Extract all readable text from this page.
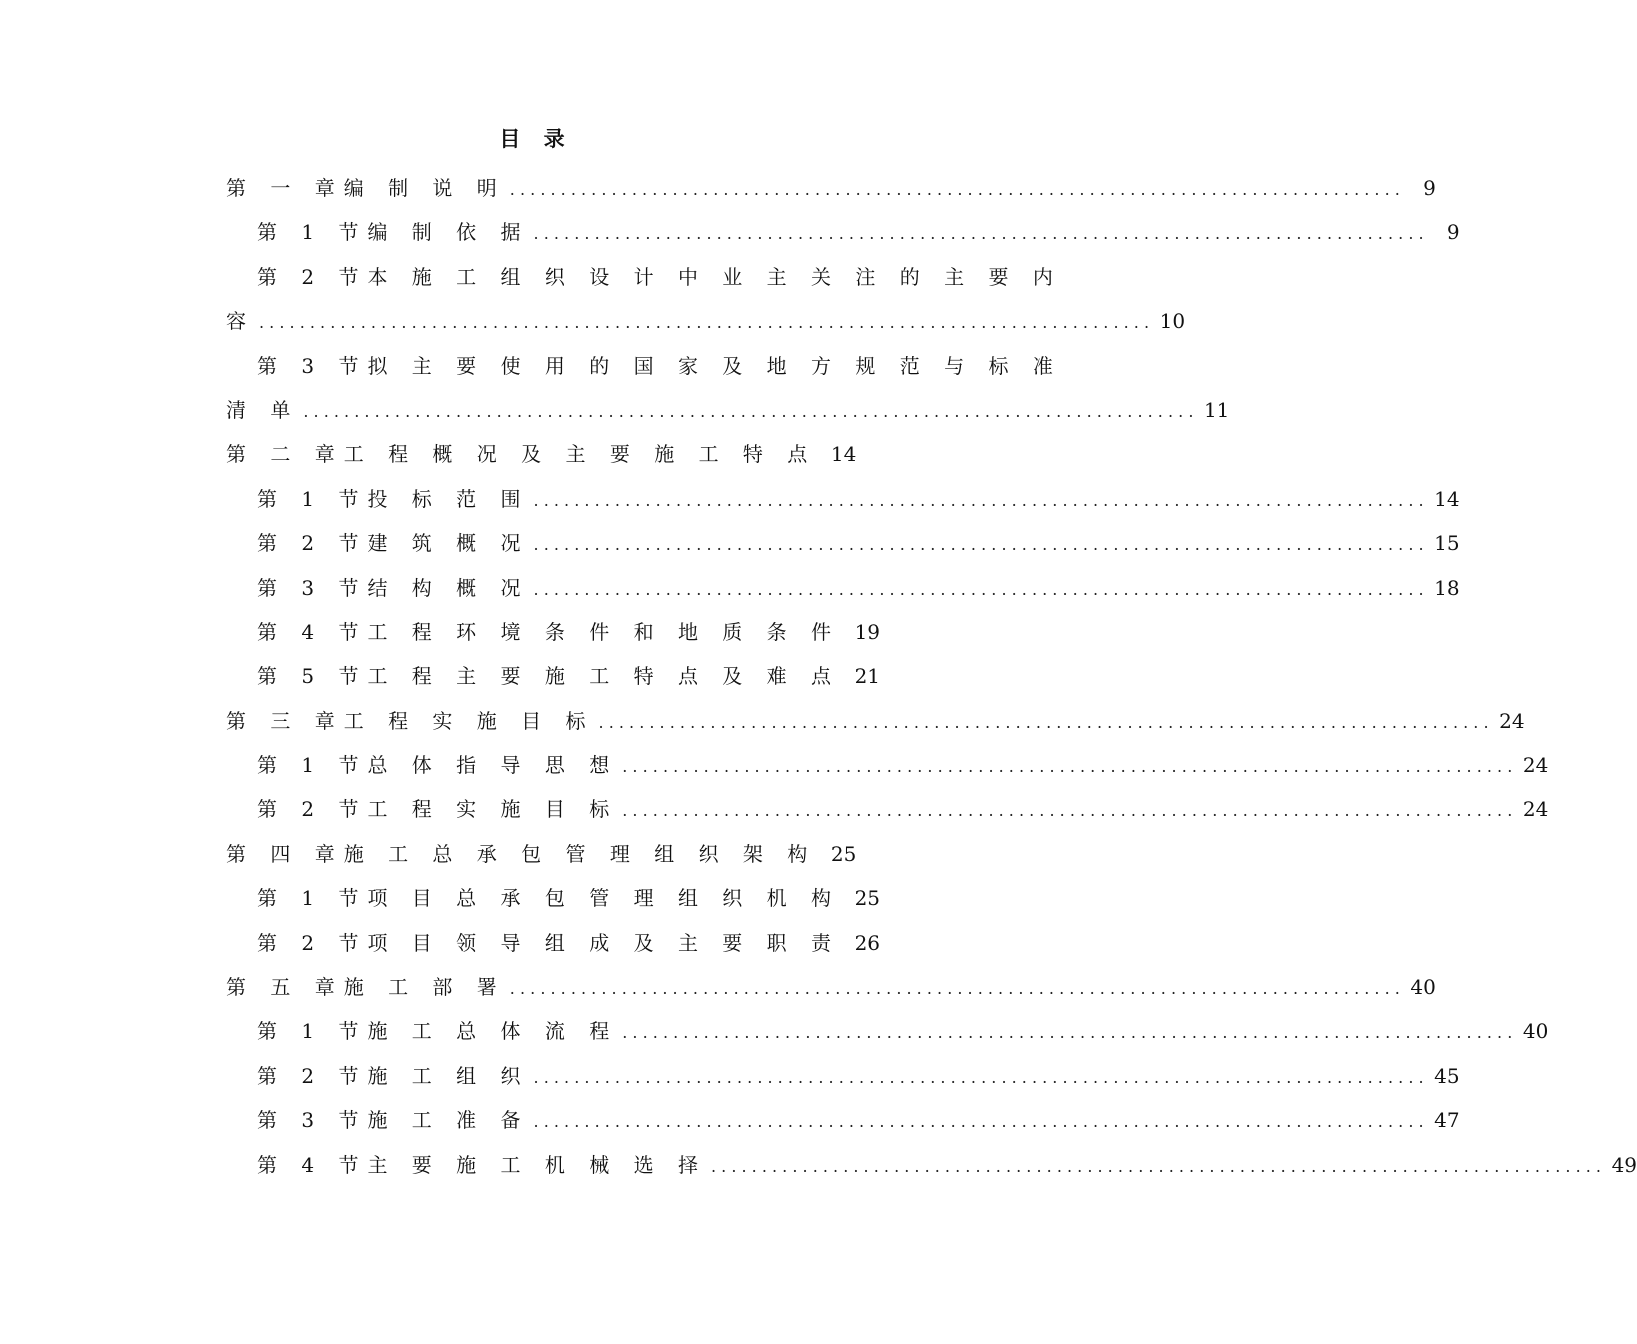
目 录
第 一 章编 制 说 明 . . .	9
第 1 节编 制 依 据 . . .	9
第 2 节本 施 工 组 织 设 计 中 业 主 关 注 的 主 要 内
容 . . .	10
第 3 节拟 主 要 使 用 的 国 家 及 地 方 规 范 与 标 准
清 单 . . .	11
第 二 章工 程 概 况 及 主 要 施 工 特 点 14
第 1 节投 标 范 围 . . .	14
第 2 节建 筑 概 况 . . .	15
第 3 节结 构 概 况 . . .	18
第 4 节工 程 环 境 条 件 和 地 质 条 件 19
第 5 节工 程 主 要 施 工 特 点 及 难 点 21
第 三 章工 程 实 施 目 标 . . .	24
第 1 节总 体 指 导 思 想 . . .	24
第 2 节工 程 实 施 目 标 . . .	24
第 四 章施 工 总 承 包 管 理 组 织 架 构 25
第 1 节项 目 总 承 包 管 理 组 织 机 构 25
第 2 节项 目 领 导 组 成 及 主 要 职 责 26
第 五 章施 工 部 署 . . .	40
第 1 节施 工 总 体 流 程 . . .	40
第 2 节施 工 组 织 . . .	45
第 3 节施 工 准 备 . . .	47
第 4 节主 要 施 工 机 械 选 择 . . .	49
